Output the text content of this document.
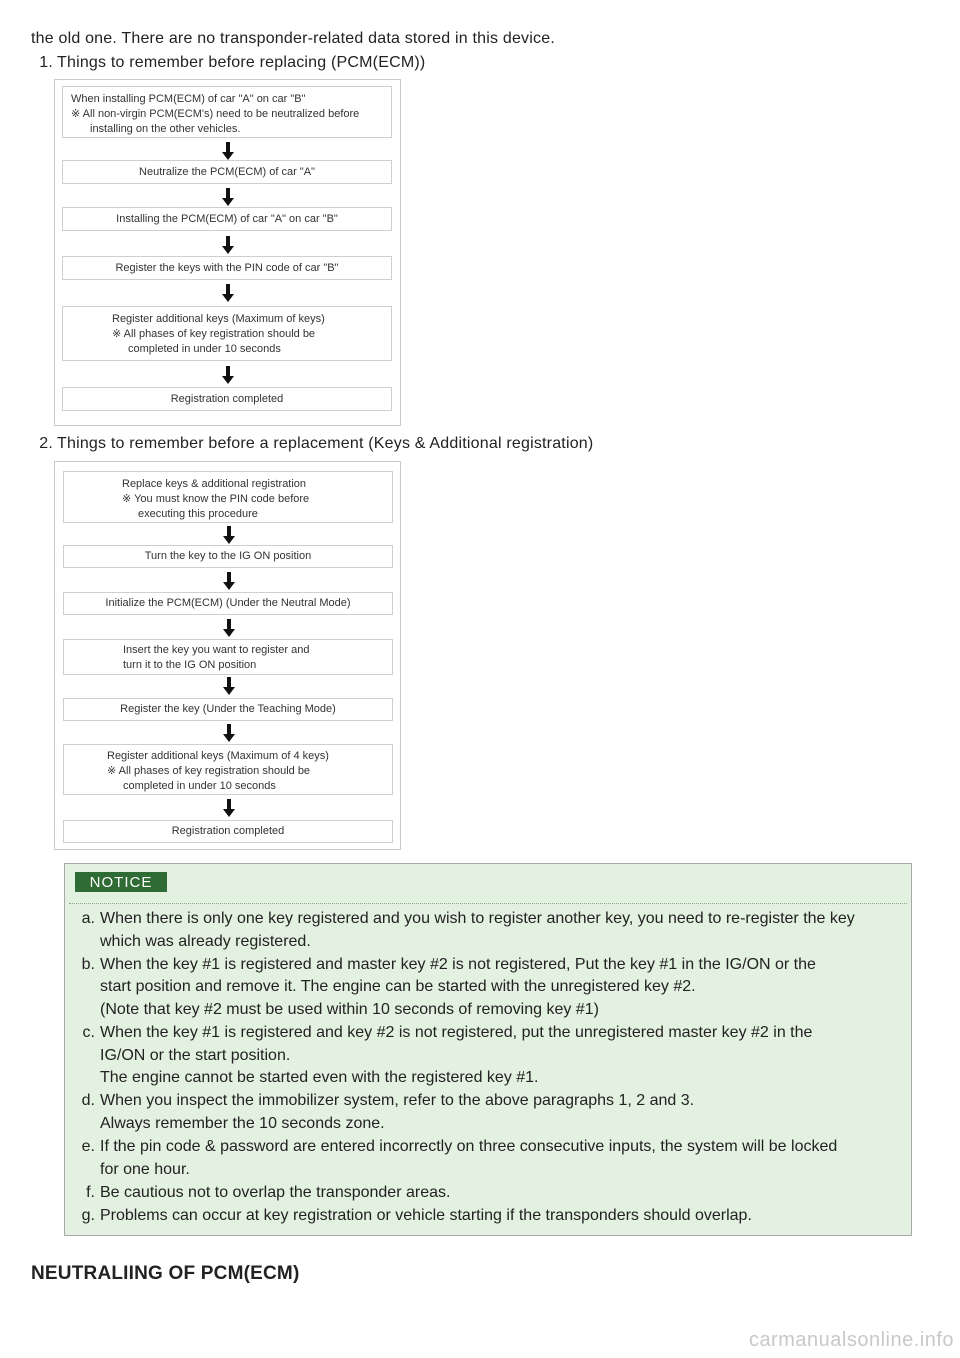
the old one. There are no transponder-related data stored in this device.
1. Things to remember before replacing (PCM(ECM))
When installing PCM(ECM) of car "A" on car "B"
※ All non-virgin PCM(ECM's) need to be neutralized before
installing on the other vehicles.
Neutralize the PCM(ECM) of car "A"
Installing the PCM(ECM) of car "A" on car "B"
Register the keys with the PIN code of car "B"
Register additional keys (Maximum of keys)
※ All phases of key registration should be
completed in under 10 seconds
Registration completed
2. Things to remember before a replacement (Keys & Additional registration)
Replace keys & additional registration
※ You must know the PIN code before
executing this procedure
Turn the key to the IG ON position
Initialize the PCM(ECM) (Under the Neutral Mode)
Insert the key you want to register and
turn it to the IG ON position
Register the key (Under the Teaching Mode)
Register additional keys (Maximum of 4 keys)
※ All phases of key registration should be
completed in under 10 seconds
Registration completed
NOTICE
a. When there is only one key registered and you wish to register another key, you need to re-register the key
which was already registered.
b. When the key #1 is registered and master key #2 is not registered, Put the key #1 in the IG/ON or the
start position and remove it. The engine can be started with the unregistered key #2.
(Note that key #2 must be used within 10 seconds of removing key #1)
c. When the key #1 is registered and key #2 is not registered, put the unregistered master key #2 in the
IG/ON or the start position.
The engine cannot be started even with the registered key #1.
d. When you inspect the immobilizer system, refer to the above paragraphs 1, 2 and 3.
Always remember the 10 seconds zone.
e. If the pin code & password are entered incorrectly on three consecutive inputs, the system will be locked
for one hour.
f. Be cautious not to overlap the transponder areas.
g. Problems can occur at key registration or vehicle starting if the transponders should overlap.
NEUTRALIING OF PCM(ECM)
carmanualsonline.info
